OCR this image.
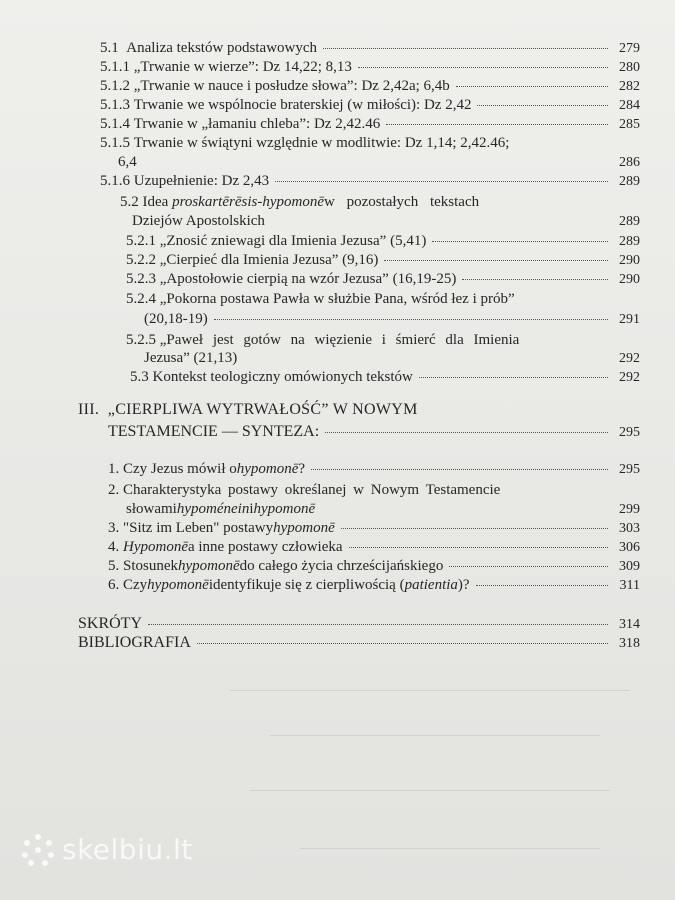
5.1
Analiza tekstów podstawowych	279
5.1.1
„Trwanie w wierze”: Dz 14,22; 8,13	280
5.1.2
„Trwanie w nauce i posłudze słowa”: Dz 2,42a; 6,4b	282
5.1.3
Trwanie we wspólnocie braterskiej (w miłości): Dz 2,42	284
5.1.4
Trwanie w „łamaniu chleba”: Dz 2,42.46	285
5.1.5
Trwanie w świątyni względnie w modlitwie: Dz 1,14; 2,42.46;
6,4	286
5.1.6
Uzupełnienie: Dz 2,43	289
5.2
Idea
proskartērēsis-hypomonē w pozostałych tekstach
Dziejów Apostolskich	289
5.2.1
„Znosić zniewagi dla Imienia Jezusa” (5,41)	289
5.2.2
„Cierpieć dla Imienia Jezusa” (9,16)	290
5.2.3
„Apostołowie cierpią na wzór Jezusa” (16,19-25)	290
5.2.4
„Pokorna postawa Pawła w służbie Pana, wśród łez i prób”
(20,18-19)	291
5.2.5
„Paweł jest gotów na więzienie i śmierć dla Imienia
Jezusa” (21,13)	292
5.3
Kontekst teologiczny omówionych tekstów	292
III. „CIERPLIWA WYTRWAŁOŚĆ” W NOWYM
TESTAMENCIE — SYNTEZA:	295
1.
Czy Jezus mówił o hypomonē ?	295
2.
Charakterystyka postawy określanej w Nowym Testamencie
słowami hypoménein i hypomonē	299
3.
"Sitz im Leben" postawy hypomonē	303
4.
Hypomonē a inne postawy człowieka	306
5.
Stosunek hypomonē do całego życia chrześcijańskiego	309
6.
Czy hypomonē identyfikuje się z cierpliwością ( patientia )?	311
SKRÓTY	314
BIBLIOGRAFIA	318
skelbiu.lt
